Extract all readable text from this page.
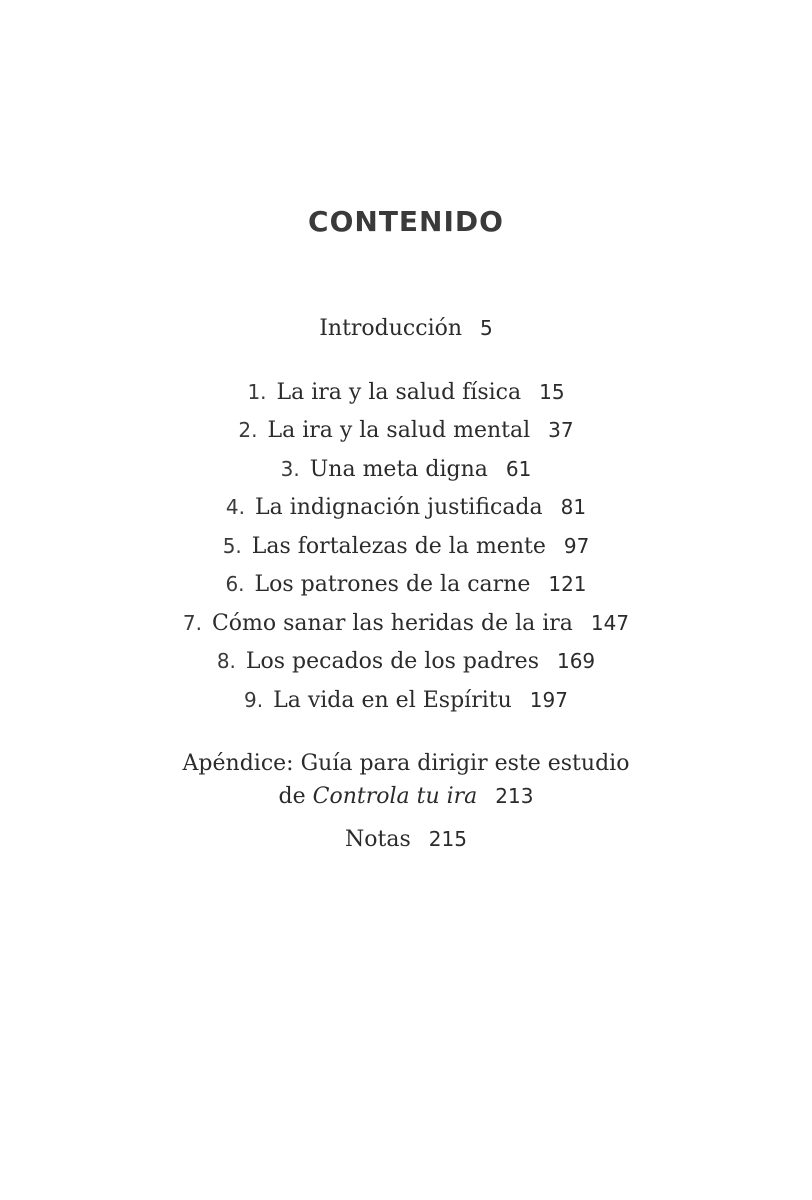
CONTENIDO
Introducción 5
1. La ira y la salud física 15
2. La ira y la salud mental 37
3. Una meta digna 61
4. La indignación justificada 81
5. Las fortalezas de la mente 97
6. Los patrones de la carne 121
7. Cómo sanar las heridas de la ira 147
8. Los pecados de los padres 169
9. La vida en el Espíritu 197
Apéndice: Guía para dirigir este estudio
de Controla tu ira 213
Notas 215
